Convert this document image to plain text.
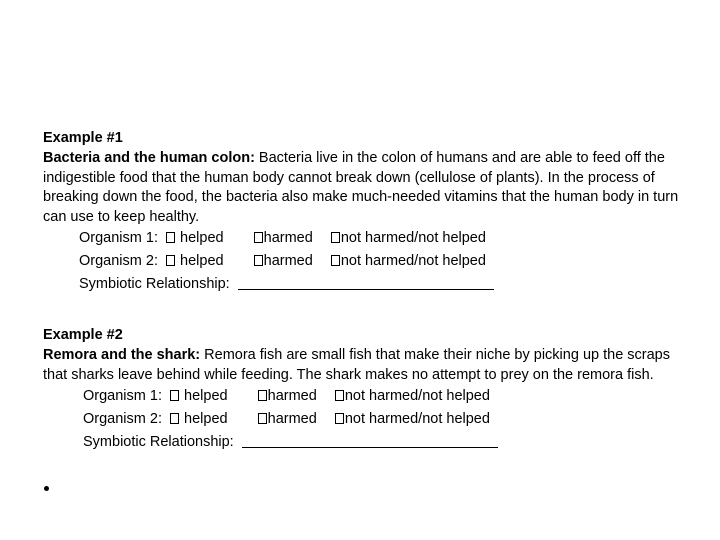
Example #1
Bacteria and the human colon: Bacteria live in the colon of humans and are able to feed off the indigestible food that the human body cannot break down (cellulose of plants). In the process of breaking down the food, the bacteria also make much-needed vitamins that the human body in turn can use to keep healthy.
Organism 1: helped	harmed not harmed/not helped
Organism 2: helped	harmed not harmed/not helped
Symbiotic Relationship:
Example #2
Remora and the shark: Remora fish are small fish that make their niche by picking up the scraps that sharks leave behind while feeding. The shark makes no attempt to prey on the remora fish.
Organism 1: helped	harmed not harmed/not helped
Organism 2: helped	harmed not harmed/not helped
Symbiotic Relationship:
